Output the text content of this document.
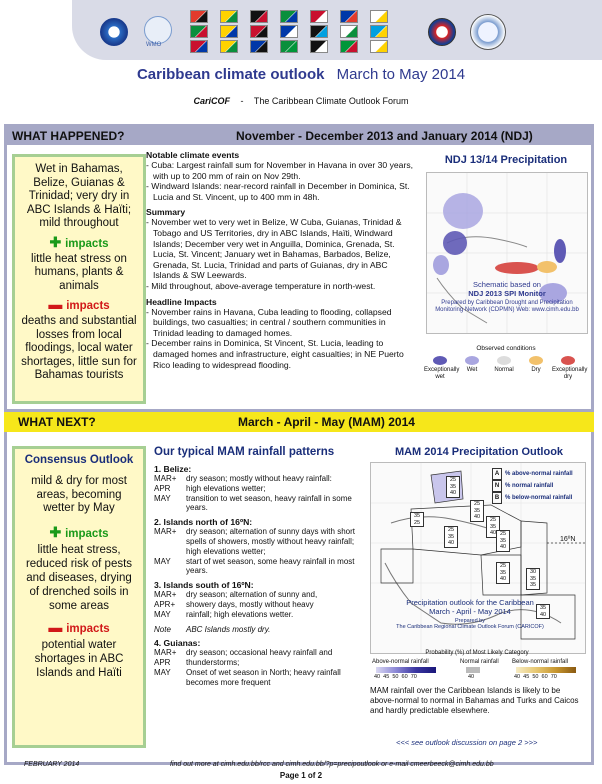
WMO
Caribbean climate outlook March to May 2014
CariCOF - The Caribbean Climate Outlook Forum
WHAT HAPPENED?	November - December 2013 and January 2014 (NDJ)
Wet in Bahamas, Belize, Guianas & Trinidad; very dry in ABC Islands & Haïti; mild throughout
✚ impacts
little heat stress on humans, plants & animals
▬ impacts
deaths and substantial losses from local floodings, local water shortages, little sun for Bahamas tourists
Notable climate events
- Cuba: Largest rainfall sum for November in Havana in over 30 years, with up to 200 mm of rain on Nov 29th.
- Windward Islands: near-record rainfall in December in Dominica, St. Lucia and St. Vincent, up to 400 mm in 48h.
Summary
- November wet to very wet in Belize, W Cuba, Guianas, Trinidad & Tobago and US Territories, dry in ABC Islands, Haïti, Windward Islands; December very wet in Anguilla, Dominica, Grenada, St. Lucia, St. Vincent; January wet in Bahamas, Barbados, Belize, Grenada, St. Lucia, Trinidad and parts of Guianas, dry in ABC Islands & SW Leewards.
- Mild throughout, above-average temperature in north-west.
Headline Impacts
- November rains in Havana, Cuba leading to flooding, collapsed buildings, two casualties; in central / southern communities in Trinidad leading to damaged homes.
- December rains in Dominica, St Vincent, St. Lucia, leading to damaged homes and infrastructure, eight casualties; in NE Puerto Rico leading to widespread flooding.
NDJ 13/14 Precipitation
Schematic based on
NDJ 2013 SPI Monitor
Prepared by Caribbean Drought and Precipitation Monitoring Network (CDPMN) Web: www.cimh.edu.bb
Observed conditions
Exceptionally wet
Wet	Normal	Dry	Exceptionally dry
WHAT NEXT?	March - April - May (MAM) 2014
Consensus Outlook
mild & dry for most areas, becoming wetter by May
✚ impacts
little heat stress, reduced risk of pests and diseases, drying of drenched soils in some areas
▬ impacts
potential water shortages in ABC Islands and Haïti
Our typical MAM rainfall patterns
1. Belize:
MAR+	dry season; mostly without heavy rainfall:
APR	high elevations wetter;
MAY	transition to wet season, heavy rainfall in some years.
2. Islands north of 16ºN:
MAR+	dry season; alternation of sunny days with short spells of showers, mostly without heavy rainfall; high elevations wetter;
MAY	start of wet season, some heavy rainfall in most years.
3. Islands south of 16ºN:
MAR+	dry season; alternation of sunny and,
APR+	showery days, mostly without heavy
MAY	rainfall; high elevations wetter.
Note	ABC Islands mostly dry.
4. Guianas:
MAR+	dry season; occasional heavy rainfall and
APR	thunderstorms;
MAY	Onset of wet season in North; heavy rainfall becomes more frequent
MAM 2014 Precipitation Outlook
A % above-normal rainfall
N % normal rainfall
B % below-normal rainfall
16ºN
25
35
40
25
35
40
35
25	25
35
40 25
35
40
25
35
40
30
35
35
25
35
40
35
40
Precipitation outlook for the Caribbean
March - April - May 2014
Prepared by
The Caribbean Regional Climate Outlook Forum (CARICOF)
Probability (%) of Most Likely Category
Above-normal rainfall	Normal rainfall Below-normal rainfall
40  45  50  60  70	40	40  45  50  60  70
MAM rainfall over the Caribbean Islands is likely to be above-normal to normal in Bahamas and Turks and Caicos and hardly predictable elsewhere.
<<< see outlook discussion on page 2 >>>
FEBRUARY 2014	find out more at cimh.edu.bb/rcc and cimh.edu.bb/?p=precipoutlook or e-mail cmeerbeeck@cimh.edu.bb
Page 1 of 2
